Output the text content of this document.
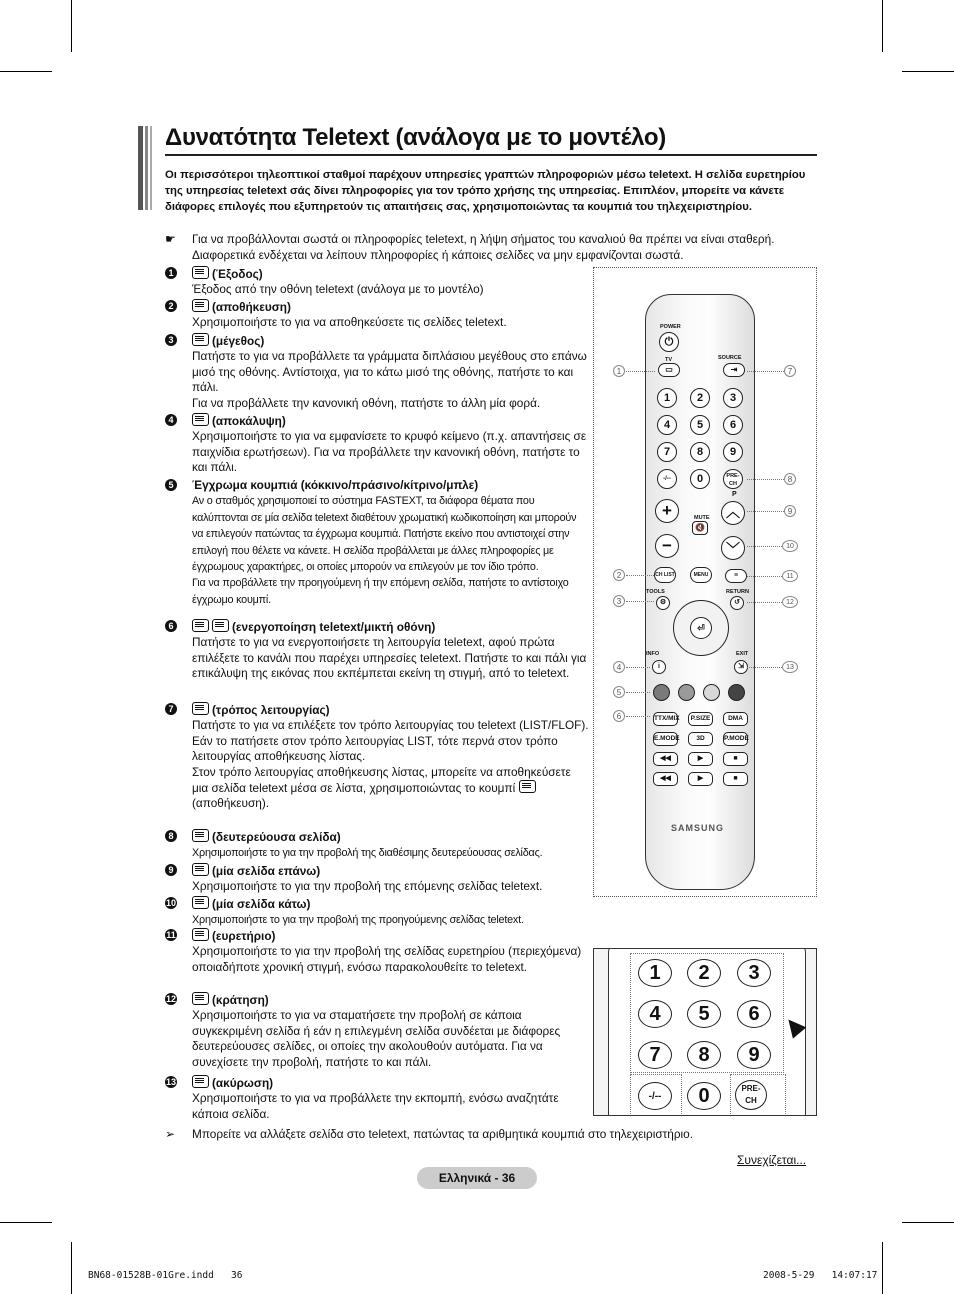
Δυνατότητα Teletext (ανάλογα με το μοντέλο)
Οι περισσότεροι τηλεοπτικοί σταθμοί παρέχουν υπηρεσίες γραπτών πληροφοριών μέσω teletext. Η σελίδα ευρετηρίου της υπηρεσίας teletext σάς δίνει πληροφορίες για τον τρόπο χρήσης της υπηρεσίας. Επιπλέον, μπορείτε να κάνετε διάφορες επιλογές που εξυπηρετούν τις απαιτήσεις σας, χρησιμοποιώντας τα κουμπιά του τηλεχειριστηρίου.
☛ Για να προβάλλονται σωστά οι πληροφορίες teletext, η λήψη σήματος του καναλιού θα πρέπει να είναι σταθερή. Διαφορετικά ενδέχεται να λείπουν πληροφορίες ή κάποιες σελίδες να μην εμφανίζονται σωστά.
1	(Έξοδος)
Έξοδος από την οθόνη teletext (ανάλογα με το μοντέλο)
2	(αποθήκευση)
Χρησιμοποιήστε το για να αποθηκεύσετε τις σελίδες teletext.
3	(μέγεθος)
Πατήστε το για να προβάλλετε τα γράμματα διπλάσιου μεγέθους στο επάνω μισό της οθόνης. Αντίστοιχα, για το κάτω μισό της οθόνης, πατήστε το και πάλι.
Για να προβάλλετε την κανονική οθόνη, πατήστε το άλλη μία φορά.
4	(αποκάλυψη)
Χρησιμοποιήστε το για να εμφανίσετε το κρυφό κείμενο (π.χ. απαντήσεις σε παιχνίδια ερωτήσεων). Για να προβάλλετε την κανονική οθόνη, πατήστε το και πάλι.
5 Έγχρωμα κουμπιά (κόκκινο/πράσινο/κίτρινο/μπλε)
Αν ο σταθμός χρησιμοποιεί το σύστημα FASTEXT, τα διάφορα θέματα που καλύπτονται σε μία σελίδα teletext διαθέτουν χρωματική κωδικοποίηση και μπορούν να επιλεγούν πατώντας τα έγχρωμα κουμπιά. Πατήστε εκείνο που αντιστοιχεί στην επιλογή που θέλετε να κάνετε. Η σελίδα προβάλλεται με άλλες πληροφορίες με έγχρωμους χαρακτήρες, οι οποίες μπορούν να επιλεγούν με τον ίδιο τρόπο.
Για να προβάλλετε την προηγούμενη ή την επόμενη σελίδα, πατήστε το αντίστοιχο έγχρωμο κουμπί.
6	(ενεργοποίηση teletext/μικτή οθόνη)
Πατήστε το για να ενεργοποιήσετε τη λειτουργία teletext, αφού πρώτα επιλέξετε το κανάλι που παρέχει υπηρεσίες teletext. Πατήστε το και πάλι για επικάλυψη της εικόνας που εκπέμπεται εκείνη τη στιγμή, από το teletext.
7	(τρόπος λειτουργίας)
Πατήστε το για να επιλέξετε τον τρόπο λειτουργίας του teletext (LIST/FLOF).
Εάν το πατήσετε στον τρόπο λειτουργίας LIST, τότε περνά στον τρόπο λειτουργίας αποθήκευσης λίστας.
Στον τρόπο λειτουργίας αποθήκευσης λίστας, μπορείτε να αποθηκεύσετε μια σελίδα teletext μέσα σε λίστα, χρησιμοποιώντας το κουμπί  (αποθήκευση).
8	(δευτερεύουσα σελίδα)
Χρησιμοποιήστε το για την προβολή της διαθέσιμης δευτερεύουσας σελίδας.
9	(μία σελίδα επάνω)
Χρησιμοποιήστε το για την προβολή της επόμενης σελίδας teletext.
10	(μία σελίδα κάτω)
Χρησιμοποιήστε το για την προβολή της προηγούμενης σελίδας teletext.
11	(ευρετήριο)
Χρησιμοποιήστε το για την προβολή της σελίδας ευρετηρίου (περιεχόμενα) οποιαδήποτε χρονική στιγμή, ενόσω παρακολουθείτε το teletext.
12	(κράτηση)
Χρησιμοποιήστε το για να σταματήσετε την προβολή σε κάποια συγκεκριμένη σελίδα ή εάν η επιλεγμένη σελίδα συνδέεται με διάφορες δευτερεύουσες σελίδες, οι οποίες την ακολουθούν αυτόματα. Για να συνεχίσετε την προβολή, πατήστε το και πάλι.
13	(ακύρωση)
Χρησιμοποιήστε το για να προβάλλετε την εκπομπή, ενόσω αναζητάτε κάποια σελίδα.
➢ Μπορείτε να αλλάξετε σελίδα στο teletext, πατώντας τα αριθμητικά κουμπιά στο τηλεχειριστήριο.
POWER
⏻
TV
▭
SOURCE
⇥
1	2	3
4	5	6
7	8	9
-/--	0	PRE-CH
+	MUTE
🔇
P
︿
−	﹀
CH LIST	MENU	≡
TOOLS	RETURN
⚙	↺
⏎
INFO	EXIT
i	⇲
TTX/MIX	P.SIZE	DMA
E.MODE	3D	P.MODE
◀◀	▶	■
◀◀	▶	■
SAMSUNG
1
2
3
4
5
6
7
8
9
10
11
12
13
1	2	3
4	5	6
7	8	9
-/--	0	PRE-CH
▲
Συνεχίζεται...
Ελληνικά - 36
BN68-01528B-01Gre.indd   36	2008-5-29   14:07:17
